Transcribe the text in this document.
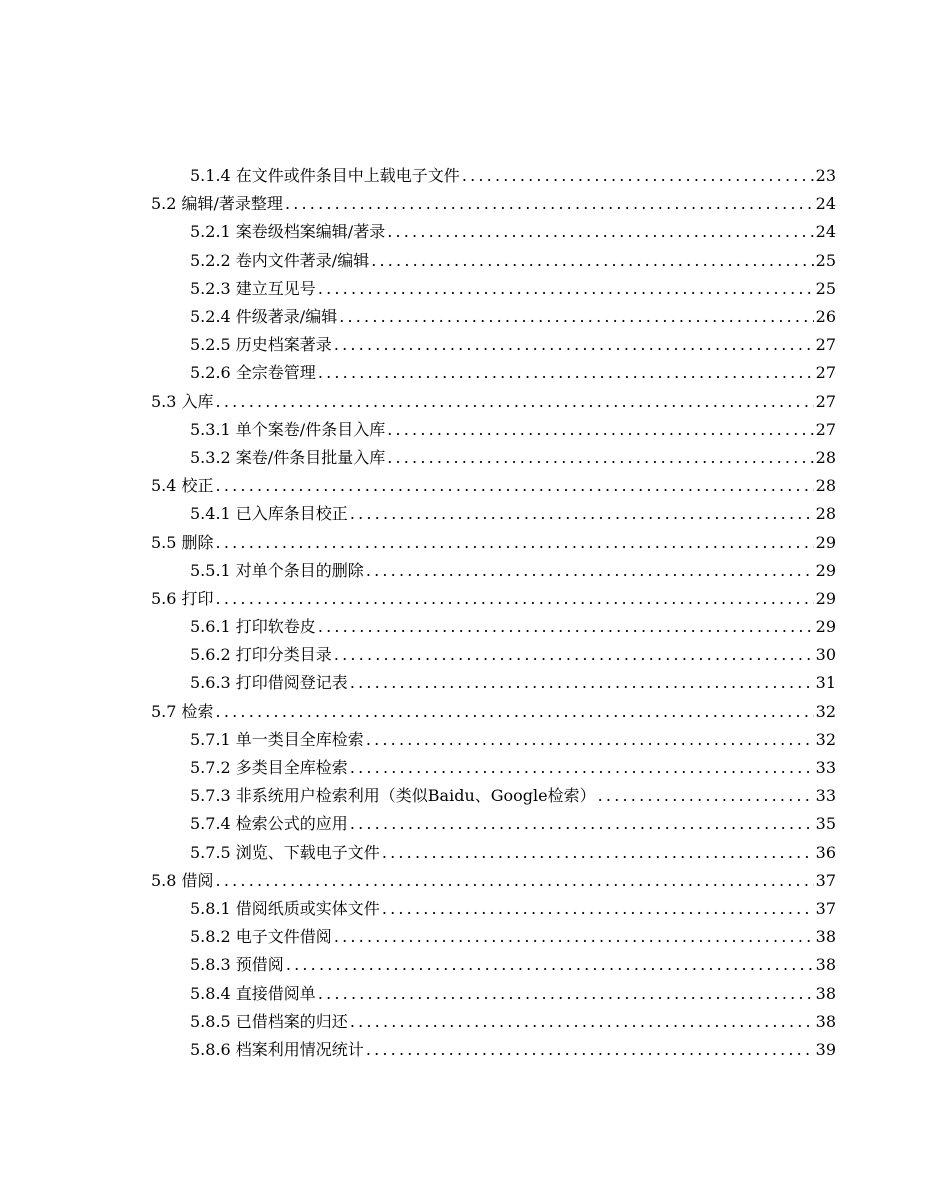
5.1.4 在文件或件条目中上载电子文件 .....	23
5.2 编辑/著录整理 .....	24
5.2.1 案卷级档案编辑/著录 .....	24
5.2.2 卷内文件著录/编辑 .....	25
5.2.3 建立互见号 .....	25
5.2.4 件级著录/编辑 .....	26
5.2.5 历史档案著录 .....	27
5.2.6 全宗卷管理 .....	27
5.3 入库 .....	27
5.3.1 单个案卷/件条目入库 .....	27
5.3.2 案卷/件条目批量入库 .....	28
5.4 校正 .....	28
5.4.1 已入库条目校正 .....	28
5.5 删除 .....	29
5.5.1 对单个条目的删除 .....	29
5.6 打印 .....	29
5.6.1 打印软卷皮 .....	29
5.6.2 打印分类目录 .....	30
5.6.3 打印借阅登记表 .....	31
5.7 检索 .....	32
5.7.1 单一类目全库检索 .....	32
5.7.2 多类目全库检索 .....	33
5.7.3 非系统用户检索利用（类似Baidu、Google检索） .....	33
5.7.4 检索公式的应用 .....	35
5.7.5 浏览、下载电子文件 .....	36
5.8 借阅 .....	37
5.8.1 借阅纸质或实体文件 .....	37
5.8.2 电子文件借阅 .....	38
5.8.3 预借阅 .....	38
5.8.4 直接借阅单 .....	38
5.8.5 已借档案的归还 .....	38
5.8.6 档案利用情况统计 .....	39
